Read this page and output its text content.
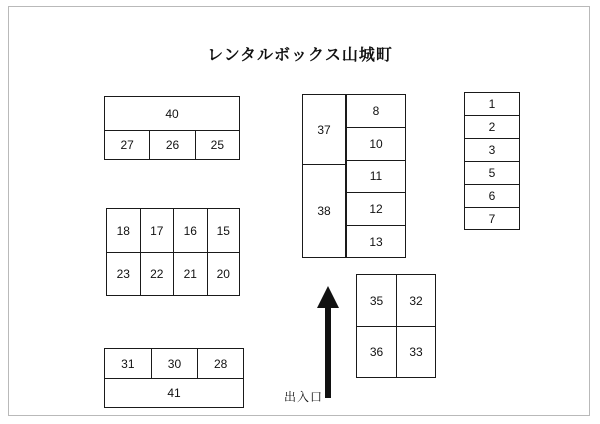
レンタルボックス山城町
40
27	26	25
18	17	16	15
23	22	21	20
31	30	28
41
37
38
8
10
11
12
13
1
2
3
5
6
7
35	32
36	33
出入口
